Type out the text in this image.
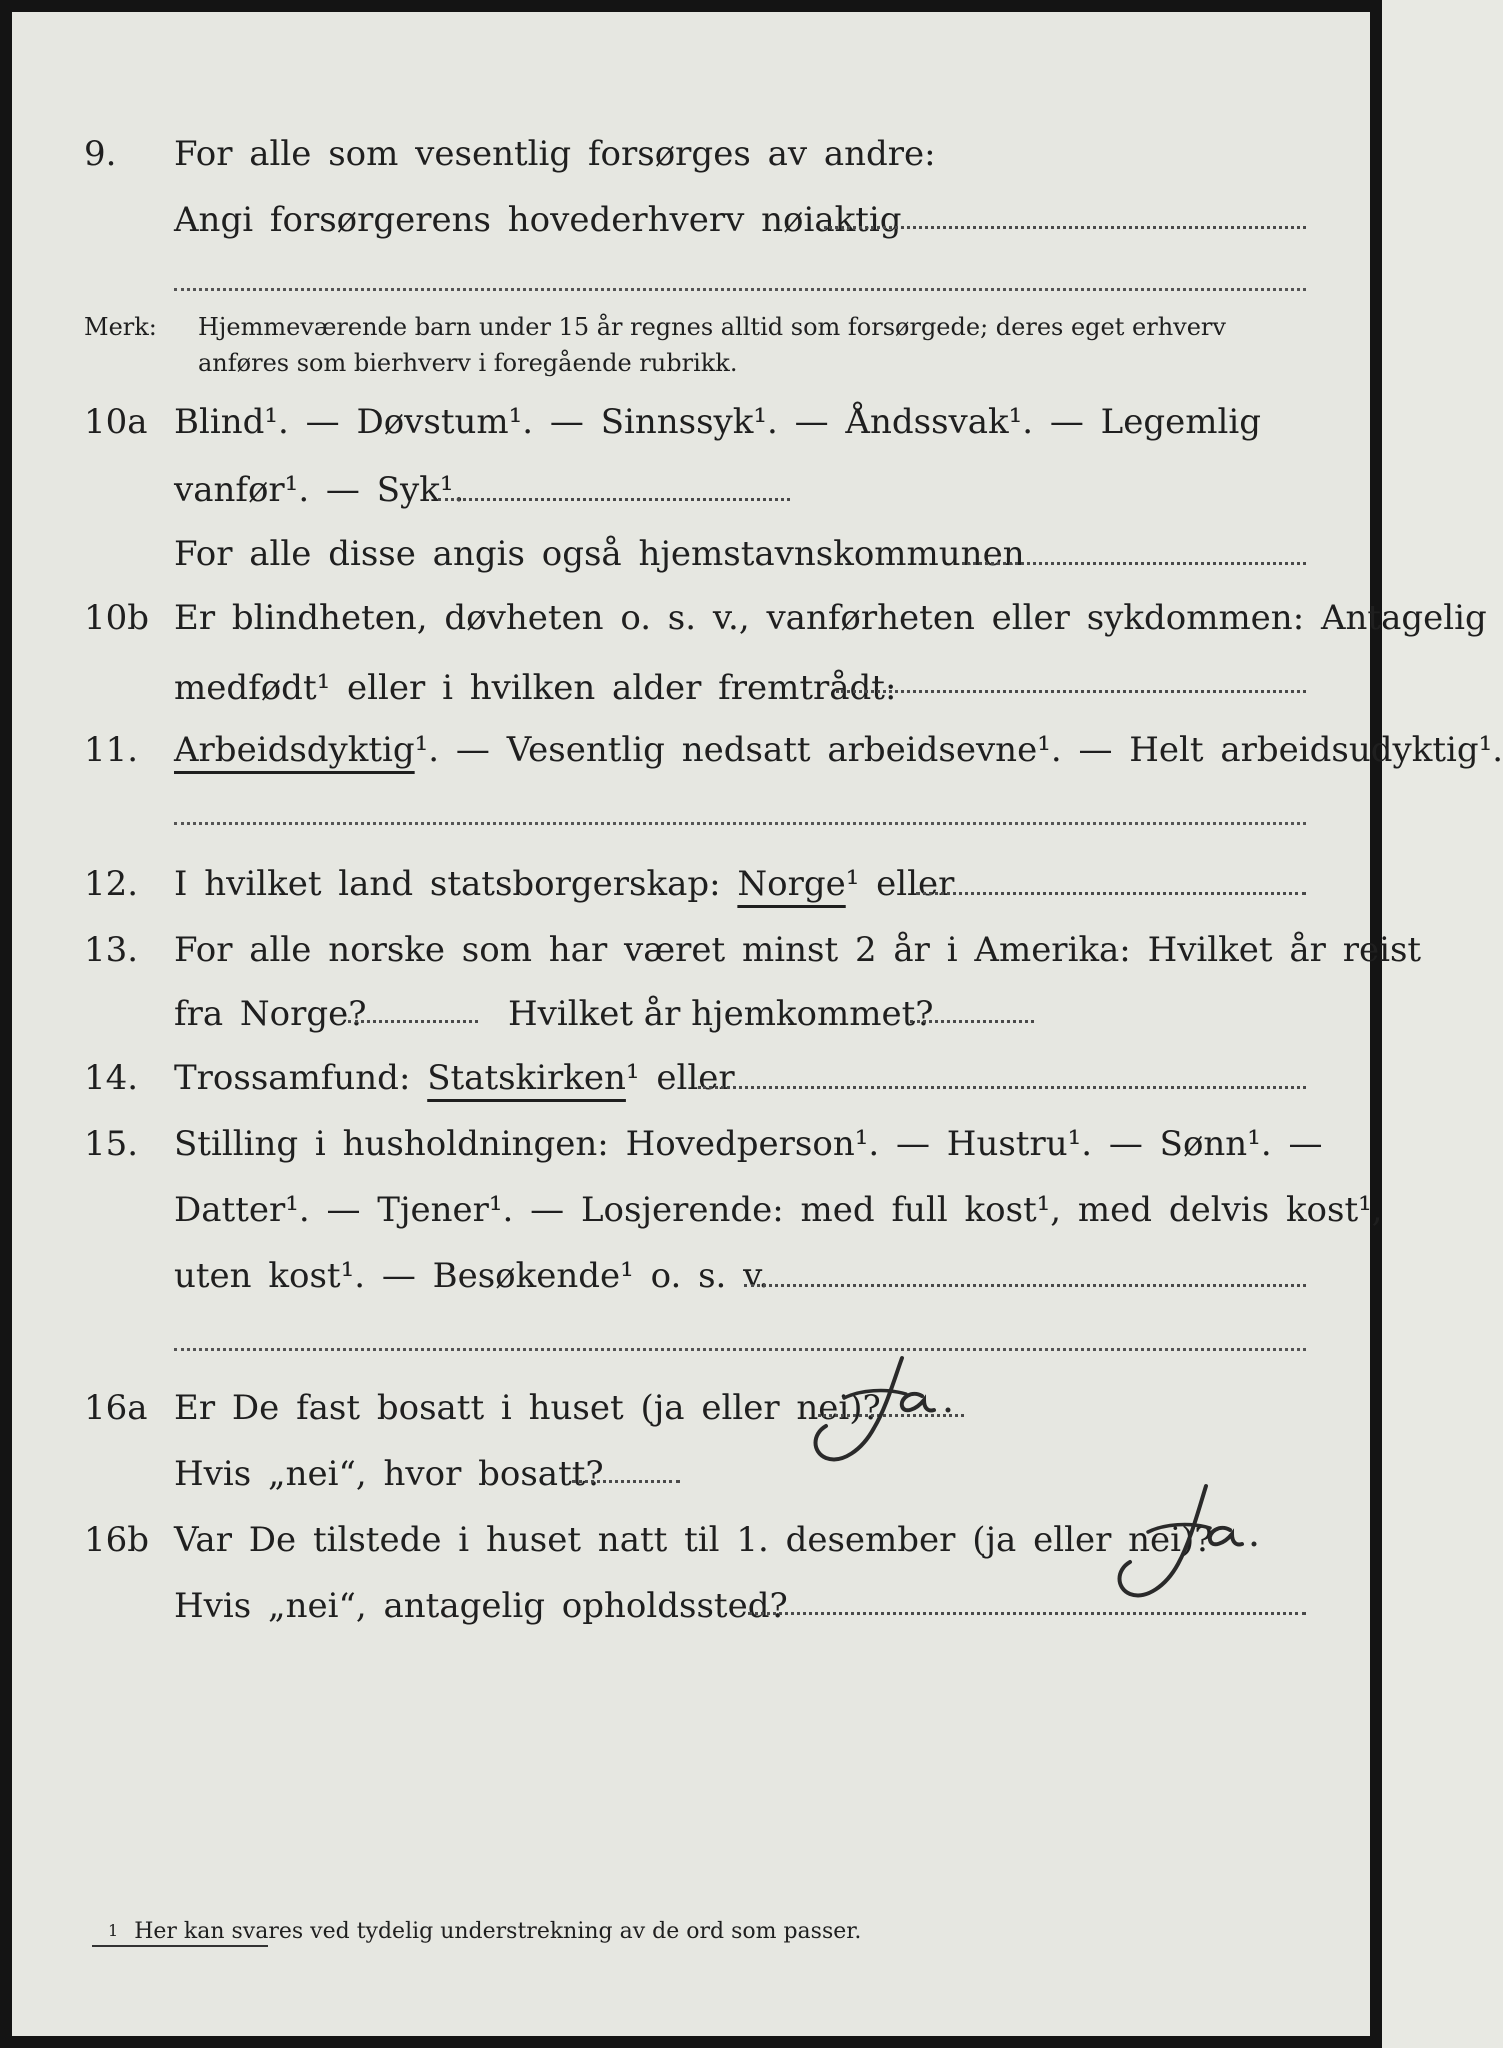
9. For alle som vesentlig forsørges av andre:
Angi forsørgerens hovederhverv nøiaktig
Merk: Hjemmeværende barn under 15 år regnes alltid som forsørgede; deres eget erhverv
anføres som bierhverv i foregående rubrikk.
10a Blind¹. — Døvstum¹. — Sinnssyk¹. — Åndssvak¹. — Legemlig
vanfør¹. — Syk¹.
For alle disse angis også hjemstavnskommunen
10b Er blindheten, døvheten o. s. v., vanførheten eller sykdommen: Antagelig
medfødt¹ eller i hvilken alder fremtrådt:
11. Arbeidsdyktig¹. — Vesentlig nedsatt arbeidsevne¹. — Helt arbeidsudyktig¹.
12. I hvilket land statsborgerskap: Norge¹ eller
13. For alle norske som har været minst 2 år i Amerika: Hvilket år reist
fra Norge?	Hvilket år hjemkommet?
14. Trossamfund: Statskirken¹ eller
15. Stilling i husholdningen: Hovedperson¹. — Hustru¹. — Sønn¹. —
Datter¹. — Tjener¹. — Losjerende: med full kost¹, med delvis kost¹,
uten kost¹. — Besøkende¹ o. s. v.
16a Er De fast bosatt i huset (ja eller nei)?
Ja.
Hvis „nei“, hvor bosatt?
16b Var De tilstede i huset natt til 1. desember (ja eller nei)?
Ja.
Hvis „nei“, antagelig opholdssted?
1 Her kan svares ved tydelig understrekning av de ord som passer.
